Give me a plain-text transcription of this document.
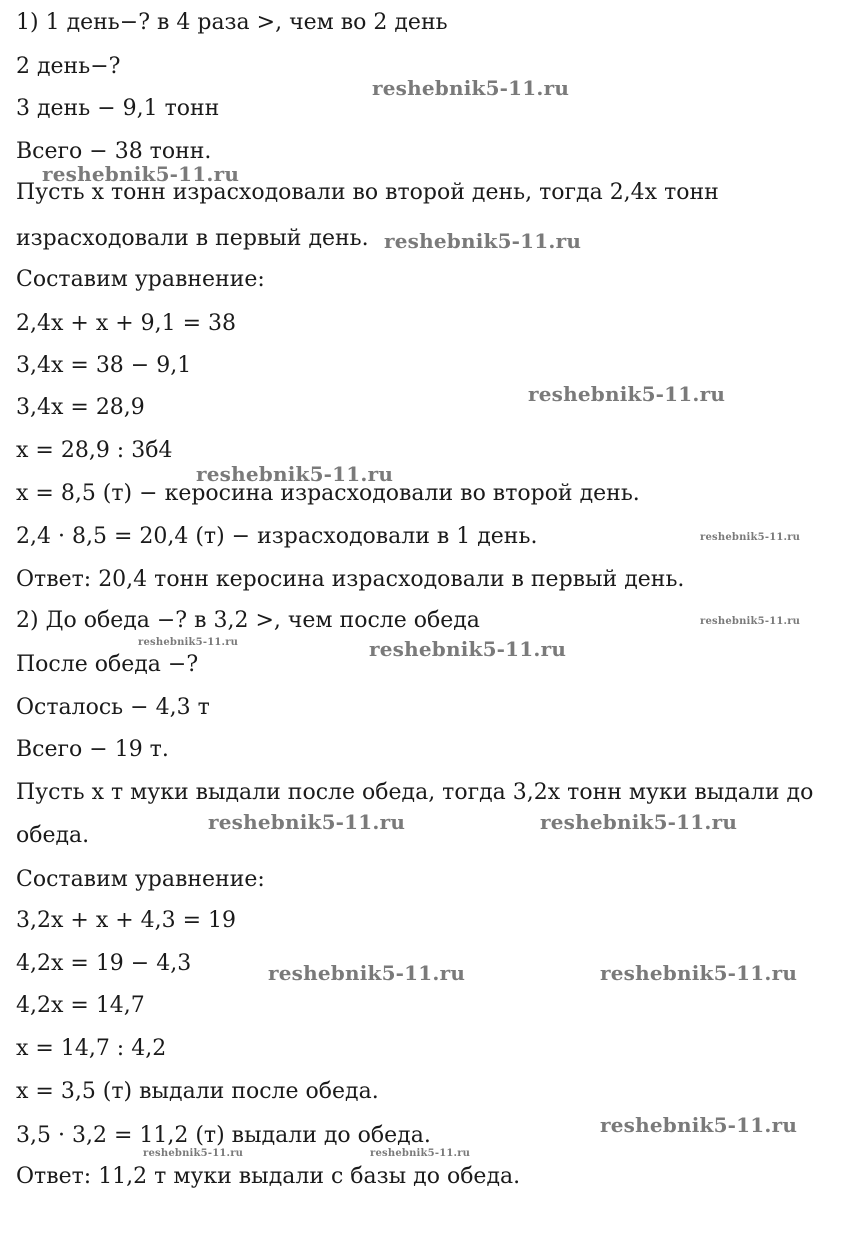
1) 1 день−? в 4 раза >, чем во 2 день
2 день−?
3 день − 9,1 тонн
Всего − 38 тонн.
Пусть x тонн израсходовали во второй день, тогда 2,4x тонн
израсходовали в первый день.
Составим уравнение:
2,4x + x + 9,1 = 38
3,4x = 38 − 9,1
3,4x = 28,9
x = 28,9 : 3б4
x = 8,5 (т) − керосина израсходовали во второй день.
2,4 · 8,5 = 20,4 (т) − израсходовали в 1 день.
Ответ: 20,4 тонн керосина израсходовали в первый день.
2) До обеда −? в 3,2 >, чем после обеда
После обеда −?
Осталось − 4,3 т
Всего − 19 т.
Пусть x т муки выдали после обеда, тогда 3,2x тонн муки выдали до
обеда.
Составим уравнение:
3,2x + x + 4,3 = 19
4,2x = 19 − 4,3
4,2x = 14,7
x = 14,7 : 4,2
x = 3,5 (т) выдали после обеда.
3,5 · 3,2 = 11,2 (т) выдали до обеда.
Ответ: 11,2 т муки выдали с базы до обеда.
reshebnik5-11.ru
reshebnik5-11.ru
reshebnik5-11.ru
reshebnik5-11.ru
reshebnik5-11.ru
reshebnik5-11.ru
reshebnik5-11.ru
reshebnik5-11.ru	reshebnik5-11.ru
reshebnik5-11.ru	reshebnik5-11.ru
reshebnik5-11.ru	reshebnik5-11.ru
reshebnik5-11.ru
reshebnik5-11.ru	reshebnik5-11.ru
